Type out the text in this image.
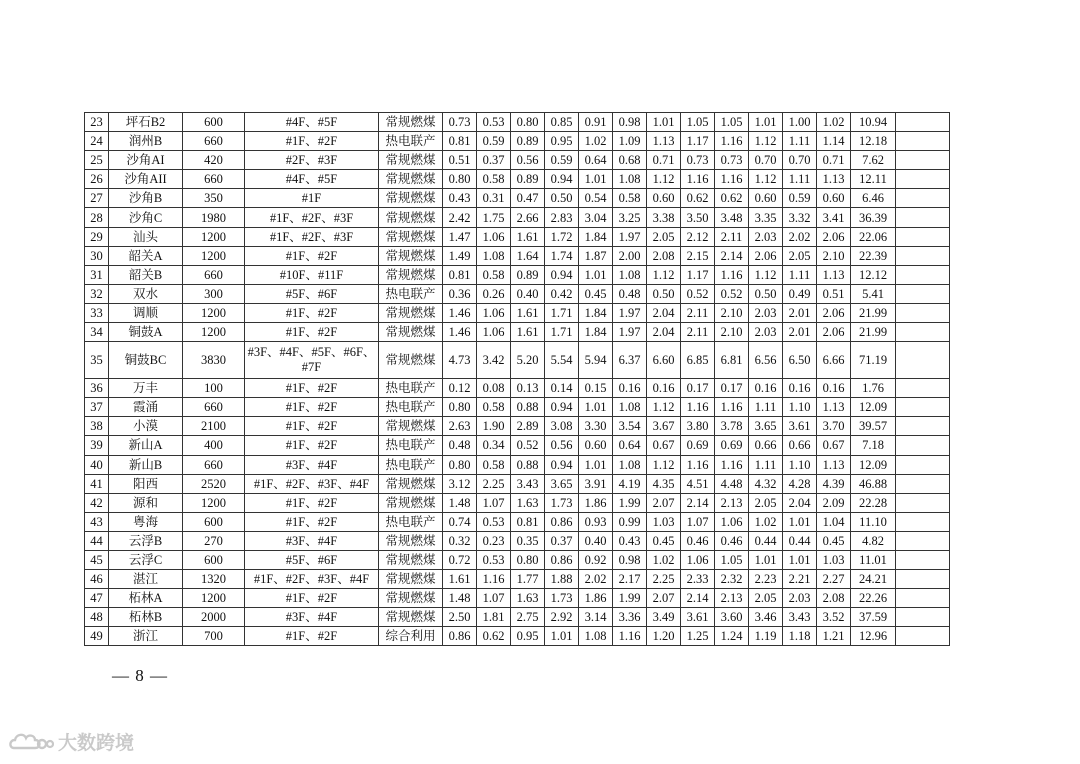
23	坪石B2	600	#4F、#5F	常规燃煤	0.73	0.53	0.80	0.85	0.91	0.98	1.01	1.05	1.05	1.01	1.00	1.02	10.94	
24	润州B	660	#1F、#2F	热电联产	0.81	0.59	0.89	0.95	1.02	1.09	1.13	1.17	1.16	1.12	1.11	1.14	12.18	
25	沙角AI	420	#2F、#3F	常规燃煤	0.51	0.37	0.56	0.59	0.64	0.68	0.71	0.73	0.73	0.70	0.70	0.71	7.62	
26	沙角AII	660	#4F、#5F	常规燃煤	0.80	0.58	0.89	0.94	1.01	1.08	1.12	1.16	1.16	1.12	1.11	1.13	12.11	
27	沙角B	350	#1F	常规燃煤	0.43	0.31	0.47	0.50	0.54	0.58	0.60	0.62	0.62	0.60	0.59	0.60	6.46	
28	沙角C	1980	#1F、#2F、#3F	常规燃煤	2.42	1.75	2.66	2.83	3.04	3.25	3.38	3.50	3.48	3.35	3.32	3.41	36.39	
29	汕头	1200	#1F、#2F、#3F	常规燃煤	1.47	1.06	1.61	1.72	1.84	1.97	2.05	2.12	2.11	2.03	2.02	2.06	22.06	
30	韶关A	1200	#1F、#2F	常规燃煤	1.49	1.08	1.64	1.74	1.87	2.00	2.08	2.15	2.14	2.06	2.05	2.10	22.39	
31	韶关B	660	#10F、#11F	常规燃煤	0.81	0.58	0.89	0.94	1.01	1.08	1.12	1.17	1.16	1.12	1.11	1.13	12.12	
32	双水	300	#5F、#6F	热电联产	0.36	0.26	0.40	0.42	0.45	0.48	0.50	0.52	0.52	0.50	0.49	0.51	5.41	
33	调顺	1200	#1F、#2F	常规燃煤	1.46	1.06	1.61	1.71	1.84	1.97	2.04	2.11	2.10	2.03	2.01	2.06	21.99	
34	铜鼓A	1200	#1F、#2F	常规燃煤	1.46	1.06	1.61	1.71	1.84	1.97	2.04	2.11	2.10	2.03	2.01	2.06	21.99	
35	铜鼓BC	3830	#3F、#4F、#5F、#6F、#7F	常规燃煤	4.73	3.42	5.20	5.54	5.94	6.37	6.60	6.85	6.81	6.56	6.50	6.66	71.19	
36	万丰	100	#1F、#2F	热电联产	0.12	0.08	0.13	0.14	0.15	0.16	0.16	0.17	0.17	0.16	0.16	0.16	1.76	
37	霞涌	660	#1F、#2F	热电联产	0.80	0.58	0.88	0.94	1.01	1.08	1.12	1.16	1.16	1.11	1.10	1.13	12.09	
38	小漠	2100	#1F、#2F	常规燃煤	2.63	1.90	2.89	3.08	3.30	3.54	3.67	3.80	3.78	3.65	3.61	3.70	39.57	
39	新山A	400	#1F、#2F	热电联产	0.48	0.34	0.52	0.56	0.60	0.64	0.67	0.69	0.69	0.66	0.66	0.67	7.18	
40	新山B	660	#3F、#4F	热电联产	0.80	0.58	0.88	0.94	1.01	1.08	1.12	1.16	1.16	1.11	1.10	1.13	12.09	
41	阳西	2520	#1F、#2F、#3F、#4F	常规燃煤	3.12	2.25	3.43	3.65	3.91	4.19	4.35	4.51	4.48	4.32	4.28	4.39	46.88	
42	源和	1200	#1F、#2F	常规燃煤	1.48	1.07	1.63	1.73	1.86	1.99	2.07	2.14	2.13	2.05	2.04	2.09	22.28	
43	粤海	600	#1F、#2F	热电联产	0.74	0.53	0.81	0.86	0.93	0.99	1.03	1.07	1.06	1.02	1.01	1.04	11.10	
44	云浮B	270	#3F、#4F	常规燃煤	0.32	0.23	0.35	0.37	0.40	0.43	0.45	0.46	0.46	0.44	0.44	0.45	4.82	
45	云浮C	600	#5F、#6F	常规燃煤	0.72	0.53	0.80	0.86	0.92	0.98	1.02	1.06	1.05	1.01	1.01	1.03	11.01	
46	湛江	1320	#1F、#2F、#3F、#4F	常规燃煤	1.61	1.16	1.77	1.88	2.02	2.17	2.25	2.33	2.32	2.23	2.21	2.27	24.21	
47	柘林A	1200	#1F、#2F	常规燃煤	1.48	1.07	1.63	1.73	1.86	1.99	2.07	2.14	2.13	2.05	2.03	2.08	22.26	
48	柘林B	2000	#3F、#4F	常规燃煤	2.50	1.81	2.75	2.92	3.14	3.36	3.49	3.61	3.60	3.46	3.43	3.52	37.59	
49	浙江	700	#1F、#2F	综合利用	0.86	0.62	0.95	1.01	1.08	1.16	1.20	1.25	1.24	1.19	1.18	1.21	12.96	
— 8 —
大数跨境
